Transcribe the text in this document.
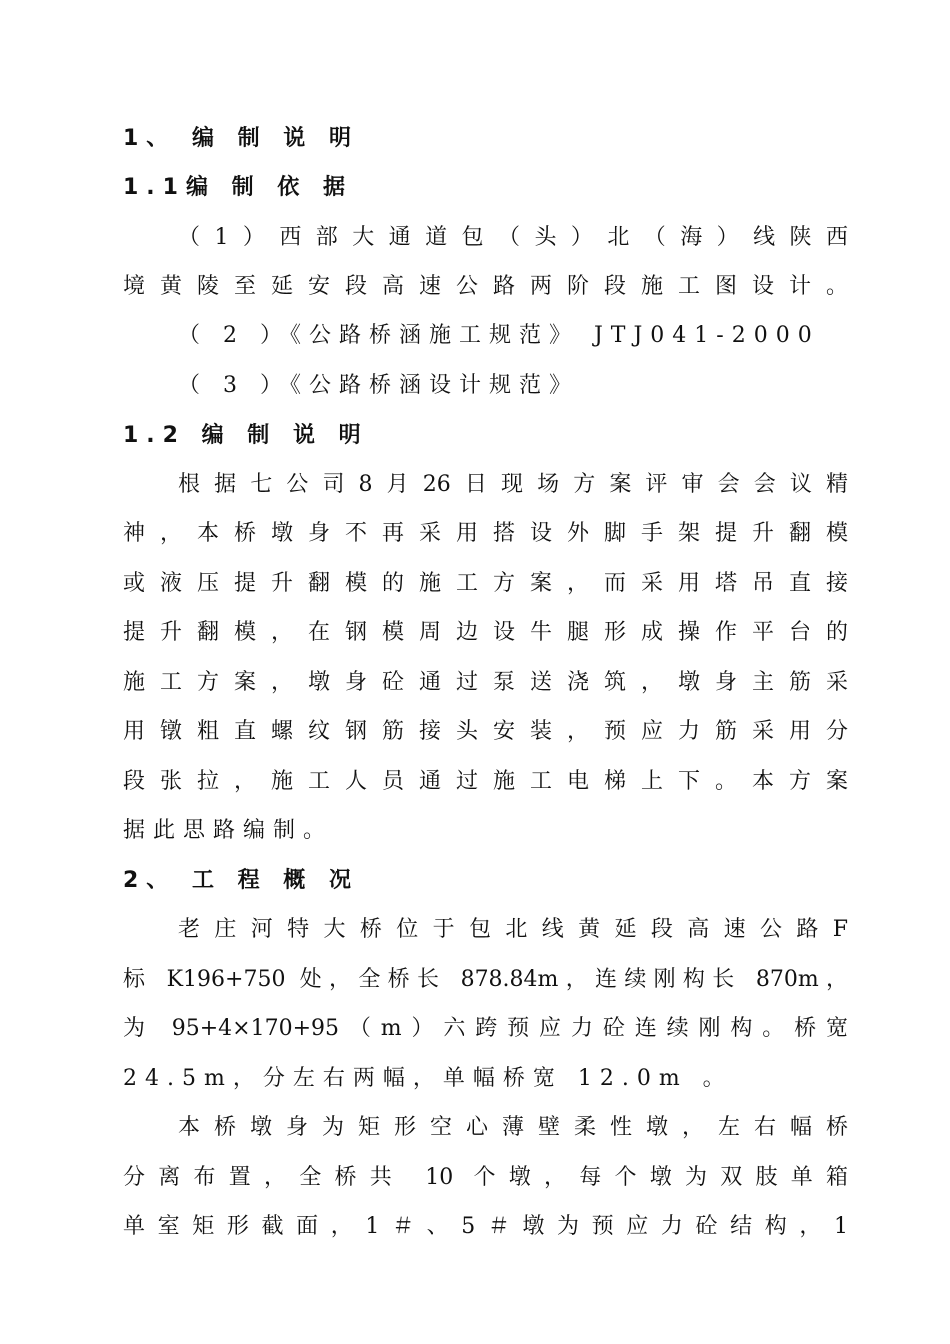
1、 编 制 说 明
1.1编 制 依 据
（1）西部大通道包（头）北（海）线陕西
境黄陵至延安段高速公路两阶段施工图设计。
（ 2 ）《公路桥涵施工规范》 JTJ041-2000
（ 3 ）《公路桥涵设计规范》
1.2 编 制 说 明
根据七公司8月26日现场方案评审会会议精
神，本桥墩身不再采用搭设外脚手架提升翻模
或液压提升翻模的施工方案，而采用塔吊直接
提升翻模，在钢模周边设牛腿形成操作平台的
施工方案，墩身砼通过泵送浇筑，墩身主筋采
用镦粗直螺纹钢筋接头安装，预应力筋采用分
段张拉，施工人员通过施工电梯上下。本方案
据此思路编制。
2、 工 程 概 况
老庄河特大桥位于包北线黄延段高速公路F
标 K196+750 处，全桥长 878.84m，连续刚构长 870m，
为 95+4×170+95（m）六跨预应力砼连续刚构。桥宽
24.5m，分左右两幅，单幅桥宽 12.0m 。
本桥墩身为矩形空心薄壁柔性墩，左右幅桥
分离布置，全桥共 10 个墩，每个墩为双肢单箱
单室矩形截面，1＃、5＃墩为预应力砼结构，1
